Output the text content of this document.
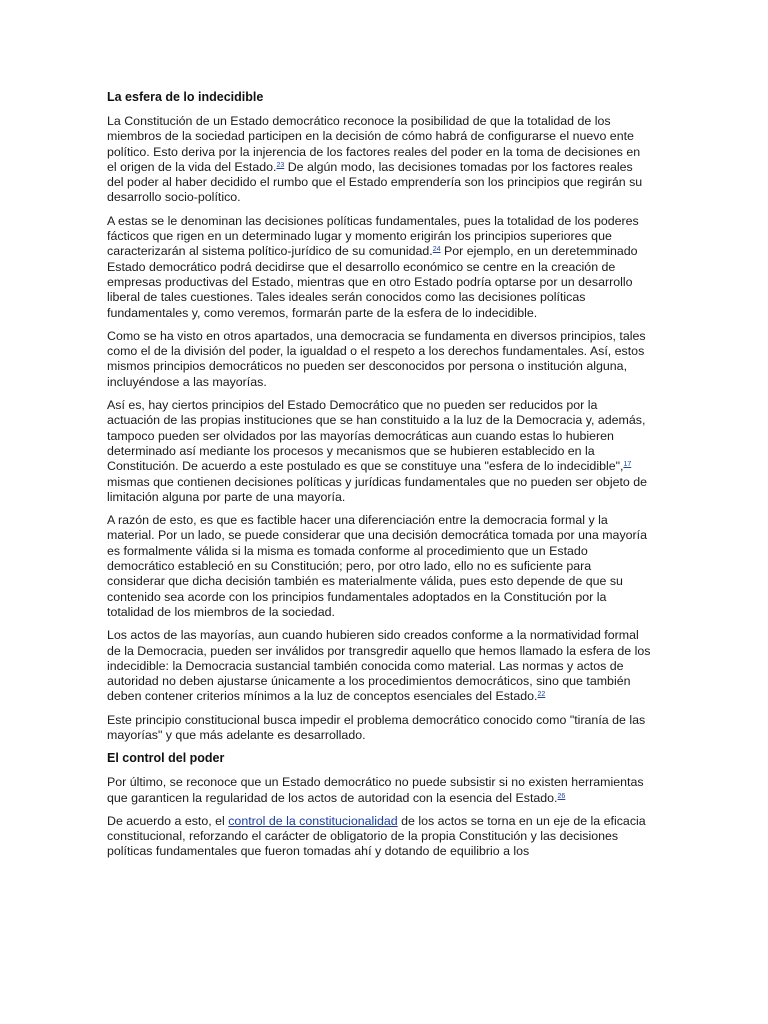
La esfera de lo indecidible

La Constitución de un Estado democrático reconoce la posibilidad de que la totalidad de los miembros de la sociedad participen en la decisión de cómo habrá de configurarse el nuevo ente político. Esto deriva por la injerencia de los factores reales del poder en la toma de decisiones en el origen de la vida del Estado.$^{23}$ De algún modo, las decisiones tomadas por los factores reales del poder al haber decidido el rumbo que el Estado emprendería son los principios que regirán su desarrollo socio-político.

A estas se le denominan las decisiones políticas fundamentales, pues la totalidad de los poderes fácticos que rigen en un determinado lugar y momento erigirán los principios superiores que caracterizarán al sistema político-jurídico de su comunidad.$^{24}$ Por ejemplo, en un deretemminado Estado democrático podrá decidirse que el desarrollo económico se centre en la creación de empresas productivas del Estado, mientras que en otro Estado podría optarse por un desarrollo liberal de tales cuestiones. Tales ideales serán conocidos como las decisiones políticas fundamentales y, como veremos, formarán parte de la esfera de lo indecidible.

Como se ha visto en otros apartados, una democracia se fundamenta en diversos principios, tales como el de la división del poder, la igualdad o el respeto a los derechos fundamentales. Así, estos mismos principios democráticos no pueden ser desconocidos por persona o institución alguna, incluyéndose a las mayorías.

Así es, hay ciertos principios del Estado Democrático que no pueden ser reducidos por la actuación de las propias instituciones que se han constituido a la luz de la Democracia y, además, tampoco pueden ser olvidados por las mayorías democráticas aun cuando estas lo hubieren determinado así mediante los procesos y mecanismos que se hubieren establecido en la Constitución. De acuerdo a este postulado es que se constituye una "esfera de lo indecidible",$^{17}$ mismas que contienen decisiones políticas y jurídicas fundamentales que no pueden ser objeto de limitación alguna por parte de una mayoría.

A razón de esto, es que es factible hacer una diferenciación entre la democracia formal y la material. Por un lado, se puede considerar que una decisión democrática tomada por una mayoría es formalmente válida si la misma es tomada conforme al procedimiento que un Estado democrático estableció en su Constitución; pero, por otro lado, ello no es suficiente para considerar que dicha decisión también es materialmente válida, pues esto depende de que su contenido sea acorde con los principios fundamentales adoptados en la Constitución por la totalidad de los miembros de la sociedad.

Los actos de las mayorías, aun cuando hubieren sido creados conforme a la normatividad formal de la Democracia, pueden ser inválidos por transgredir aquello que hemos llamado la esfera de los indecidible: la Democracia sustancial también conocida como material. Las normas y actos de autoridad no deben ajustarse únicamente a los procedimientos democráticos, sino que también deben contener criterios mínimos a la luz de conceptos esenciales del Estado.$^{22}$

Este principio constitucional busca impedir el problema democrático conocido como "tiranía de las mayorías" y que más adelante es desarrollado.

El control del poder

Por último, se reconoce que un Estado democrático no puede subsistir si no existen herramientas que garanticen la regularidad de los actos de autoridad con la esencia del Estado.$^{26}$

De acuerdo a esto, el control de la constitucionalidad de los actos se torna en un eje de la eficacia constitucional, reforzando el carácter de obligatorio de la propia Constitución y las decisiones políticas fundamentales que fueron tomadas ahí y dotando de equilibrio a los
